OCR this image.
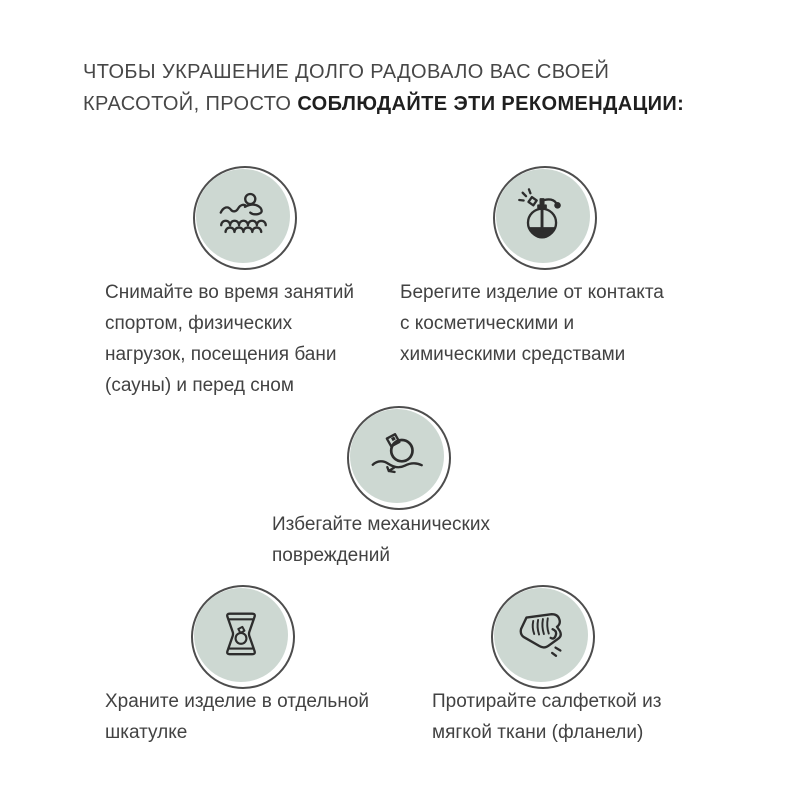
ЧТОБЫ УКРАШЕНИЕ ДОЛГО РАДОВАЛО ВАС СВОЕЙ
КРАСОТОЙ, ПРОСТО СОБЛЮДАЙТЕ ЭТИ РЕКОМЕНДАЦИИ:
Снимайте во время занятий
спортом, физических
нагрузок, посещения бани
(сауны) и перед сном
Берегите изделие от контакта
с косметическими и
химическими средствами
Избегайте механических
повреждений
Храните изделие в отдельной
шкатулке
Протирайте салфеткой из
мягкой ткани (фланели)
